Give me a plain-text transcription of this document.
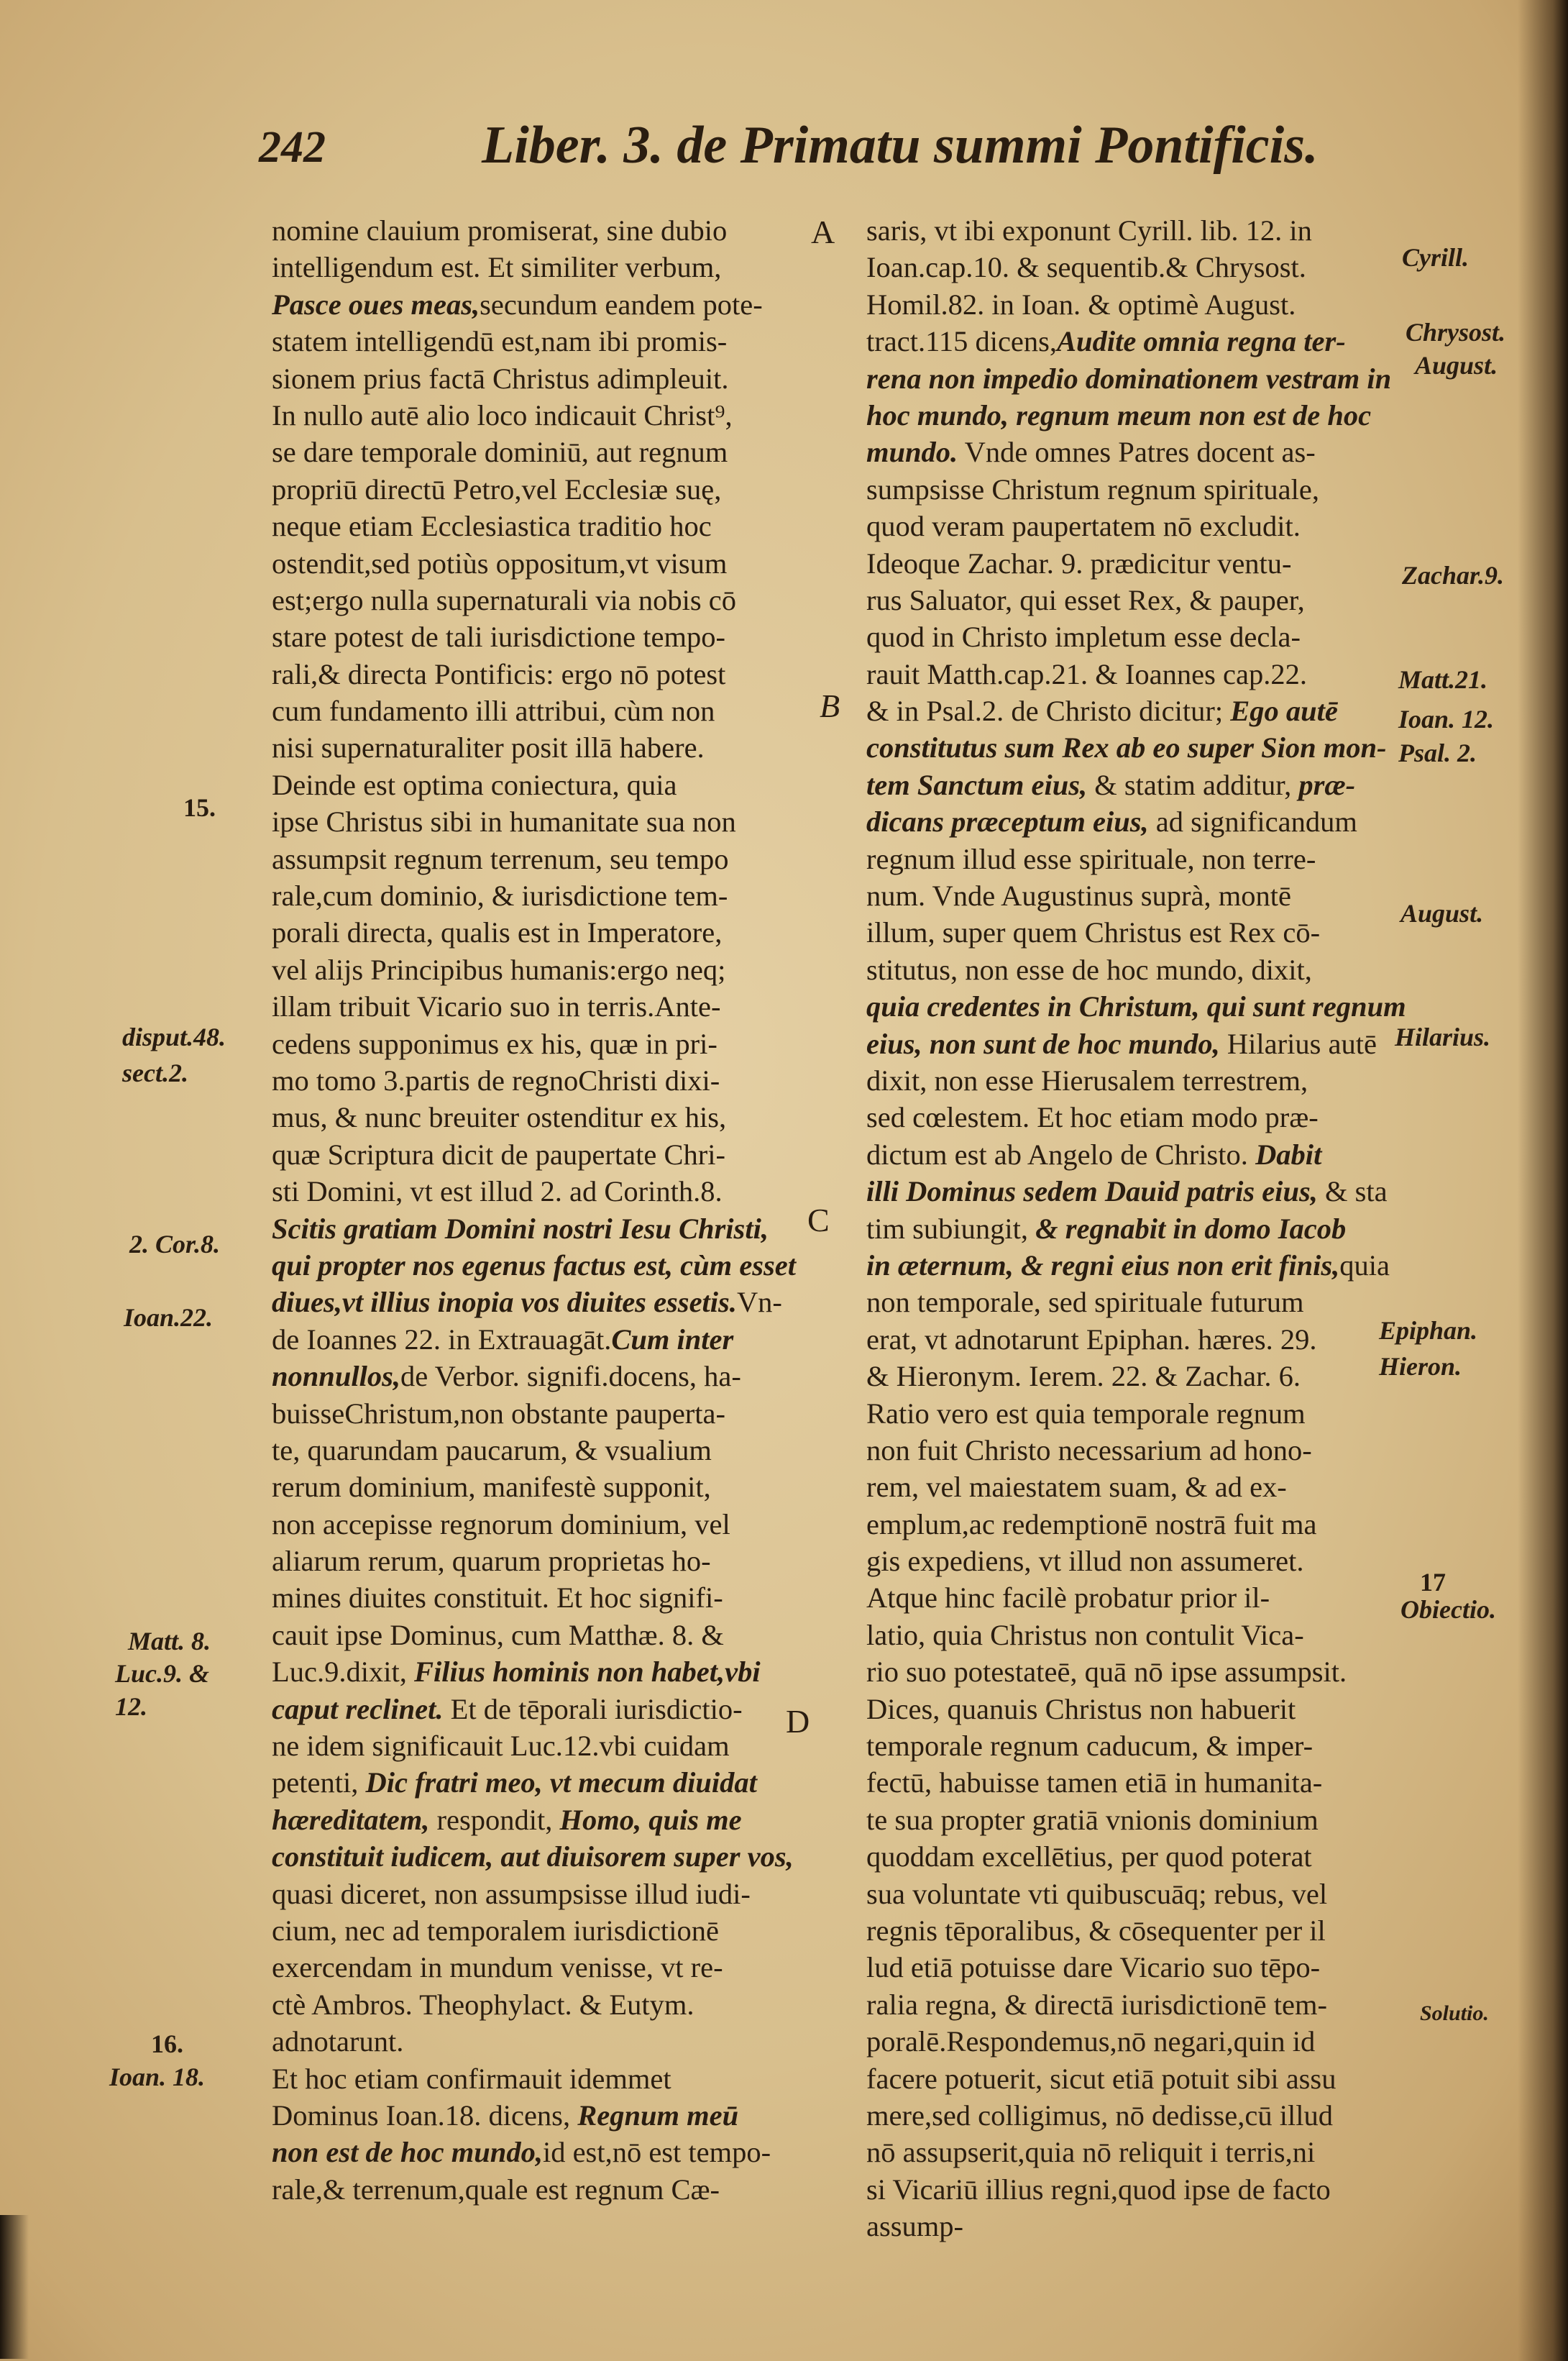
242	Liber. 3. de Primatu summi Pontificis.
nomine clauium promiserat, sine dubio
intelligendum est. Et similiter verbum,
Pasce oues meas,secundum eandem pote-
statem intelligendū est,nam ibi promis-
sionem prius factā Christus adimpleuit.
In nullo autē alio loco indicauit Christ⁹,
se dare temporale dominiū, aut regnum
propriū directū Petro,vel Ecclesiæ suę,
neque etiam Ecclesiastica traditio hoc
ostendit,sed potiùs oppositum,vt visum
est;ergo nulla supernaturali via nobis cō
stare potest de tali iurisdictione tempo-
rali,& directa Pontificis: ergo nō potest
cum fundamento illi attribui, cùm non
nisi supernaturaliter posit illā habere.
Deinde est optima coniectura, quia
ipse Christus sibi in humanitate sua non
assumpsit regnum terrenum, seu tempo
rale,cum dominio, & iurisdictione tem-
porali directa, qualis est in Imperatore,
vel alijs Principibus humanis:ergo neq;
illam tribuit Vicario suo in terris.Ante-
cedens supponimus ex his, quæ in pri-
mo tomo 3.partis de regnoChristi dixi-
mus, & nunc breuiter ostenditur ex his,
quæ Scriptura dicit de paupertate Chri-
sti Domini, vt est illud 2. ad Corinth.8.
Scitis gratiam Domini nostri Iesu Christi,
qui propter nos egenus factus est, cùm esset
diues,vt illius inopia vos diuites essetis.Vn-
de Ioannes 22. in Extrauagāt.Cum inter
nonnullos,de Verbor. signifi.docens, ha-
buisseChristum,non obstante pauperta-
te, quarundam paucarum, & vsualium
rerum dominium, manifestè supponit,
non accepisse regnorum dominium, vel
aliarum rerum, quarum proprietas ho-
mines diuites constituit. Et hoc signifi-
cauit ipse Dominus, cum Matthæ. 8. &
Luc.9.dixit, Filius hominis non habet,vbi
caput reclinet. Et de tēporali iurisdictio-
ne idem significauit Luc.12.vbi cuidam
petenti, Dic fratri meo, vt mecum diuidat
hæreditatem, respondit, Homo, quis me
constituit iudicem, aut diuisorem super vos,
quasi diceret, non assumpsisse illud iudi-
cium, nec ad temporalem iurisdictionē
exercendam in mundum venisse, vt re-
ctè Ambros. Theophylact. & Eutym.
adnotarunt.
Et hoc etiam confirmauit idemmet
Dominus Ioan.18. dicens, Regnum meū
non est de hoc mundo,id est,nō est tempo-
rale,& terrenum,quale est regnum Cæ-
saris, vt ibi exponunt Cyrill. lib. 12. in
Ioan.cap.10. & sequentib.& Chrysost.
Homil.82. in Ioan. & optimè August.
tract.115 dicens,Audite omnia regna ter-
rena non impedio dominationem vestram in
hoc mundo, regnum meum non est de hoc
mundo. Vnde omnes Patres docent as-
sumpsisse Christum regnum spirituale,
quod veram paupertatem nō excludit.
Ideoque Zachar. 9. prædicitur ventu-
rus Saluator, qui esset Rex, & pauper,
quod in Christo impletum esse decla-
rauit Matth.cap.21. & Ioannes cap.22.
& in Psal.2. de Christo dicitur; Ego autē
constitutus sum Rex ab eo super Sion mon-
tem Sanctum eius, & statim additur, præ-
dicans præceptum eius, ad significandum
regnum illud esse spirituale, non terre-
num. Vnde Augustinus suprà, montē
illum, super quem Christus est Rex cō-
stitutus, non esse de hoc mundo, dixit,
quia credentes in Christum, qui sunt regnum
eius, non sunt de hoc mundo, Hilarius autē
dixit, non esse Hierusalem terrestrem,
sed cœlestem. Et hoc etiam modo præ-
dictum est ab Angelo de Christo. Dabit
illi Dominus sedem Dauid patris eius, & sta
tim subiungit, & regnabit in domo Iacob
in æternum, & regni eius non erit finis,quia
non temporale, sed spirituale futurum
erat, vt adnotarunt Epiphan. hæres. 29.
& Hieronym. Ierem. 22. & Zachar. 6.
Ratio vero est quia temporale regnum
non fuit Christo necessarium ad hono-
rem, vel maiestatem suam, & ad ex-
emplum,ac redemptionē nostrā fuit ma
gis expediens, vt illud non assumeret.
Atque hinc facilè probatur prior il-
latio, quia Christus non contulit Vica-
rio suo potestateē, quā nō ipse assumpsit.
Dices, quanuis Christus non habuerit
temporale regnum caducum, & imper-
fectū, habuisse tamen etiā in humanita-
te sua propter gratiā vnionis dominium
quoddam excellētius, per quod poterat
sua voluntate vti quibuscuāq; rebus, vel
regnis tēporalibus, & cōsequenter per il
lud etiā potuisse dare Vicario suo tēpo-
ralia regna, & directā iurisdictionē tem-
poralē.Respondemus,nō negari,quin id
facere potuerit, sicut etiā potuit sibi assu
mere,sed colligimus, nō dedisse,cū illud
nō assupserit,quia nō reliquit i terris,ni
si Vicariū illius regni,quod ipse de facto
assump-
A
B
C
D
15.
disput.48.
sect.2.
2. Cor.8.
Ioan.22.
Matt. 8.
Luc.9. &
12.
16.
Ioan. 18.
Cyrill.
Chrysost.
August.
Zachar.9.
Matt.21.
Ioan. 12.
Psal. 2.
August.
Hilarius.
Epiphan.
Hieron.
17
Obiectio.
Solutio.
